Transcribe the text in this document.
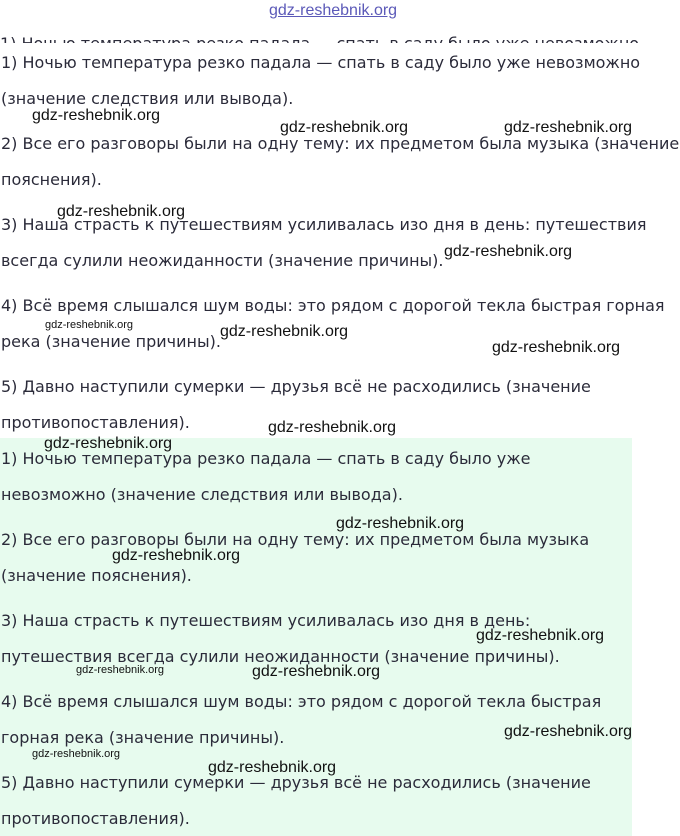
gdz-reshebnik.org
1) Ночью температура резко падала — спать в саду было уже невозможно
(значение следствия или вывода).
2) Все его разговоры были на одну тему: их предметом была музыка (значение
пояснения).
3) Наша страсть к путешествиям усиливалась изо дня в день: путешествия
всегда сулили неожиданности (значение причины).
4) Всё время слышался шум воды: это рядом с дорогой текла быстрая горная
река (значение причины).
5) Давно наступили сумерки — друзья всё не расходились (значение
противопоставления).
1) Ночью температура резко падала — спать в саду было уже
невозможно (значение следствия или вывода).
2) Все его разговоры были на одну тему: их предметом была музыка
(значение пояснения).
3) Наша страсть к путешествиям усиливалась изо дня в день:
путешествия всегда сулили неожиданности (значение причины).
4) Всё время слышался шум воды: это рядом с дорогой текла быстрая
горная река (значение причины).
5) Давно наступили сумерки — друзья всё не расходились (значение
противопоставления).
gdz-reshebnik.org
gdz-reshebnik.org	gdz-reshebnik.org
gdz-reshebnik.org
gdz-reshebnik.org
gdz-reshebnik.org	gdz-reshebnik.org
gdz-reshebnik.org
gdz-reshebnik.org
gdz-reshebnik.org
gdz-reshebnik.org
gdz-reshebnik.org
gdz-reshebnik.org
gdz-reshebnik.org	gdz-reshebnik.org
gdz-reshebnik.org
gdz-reshebnik.org
gdz-reshebnik.org
